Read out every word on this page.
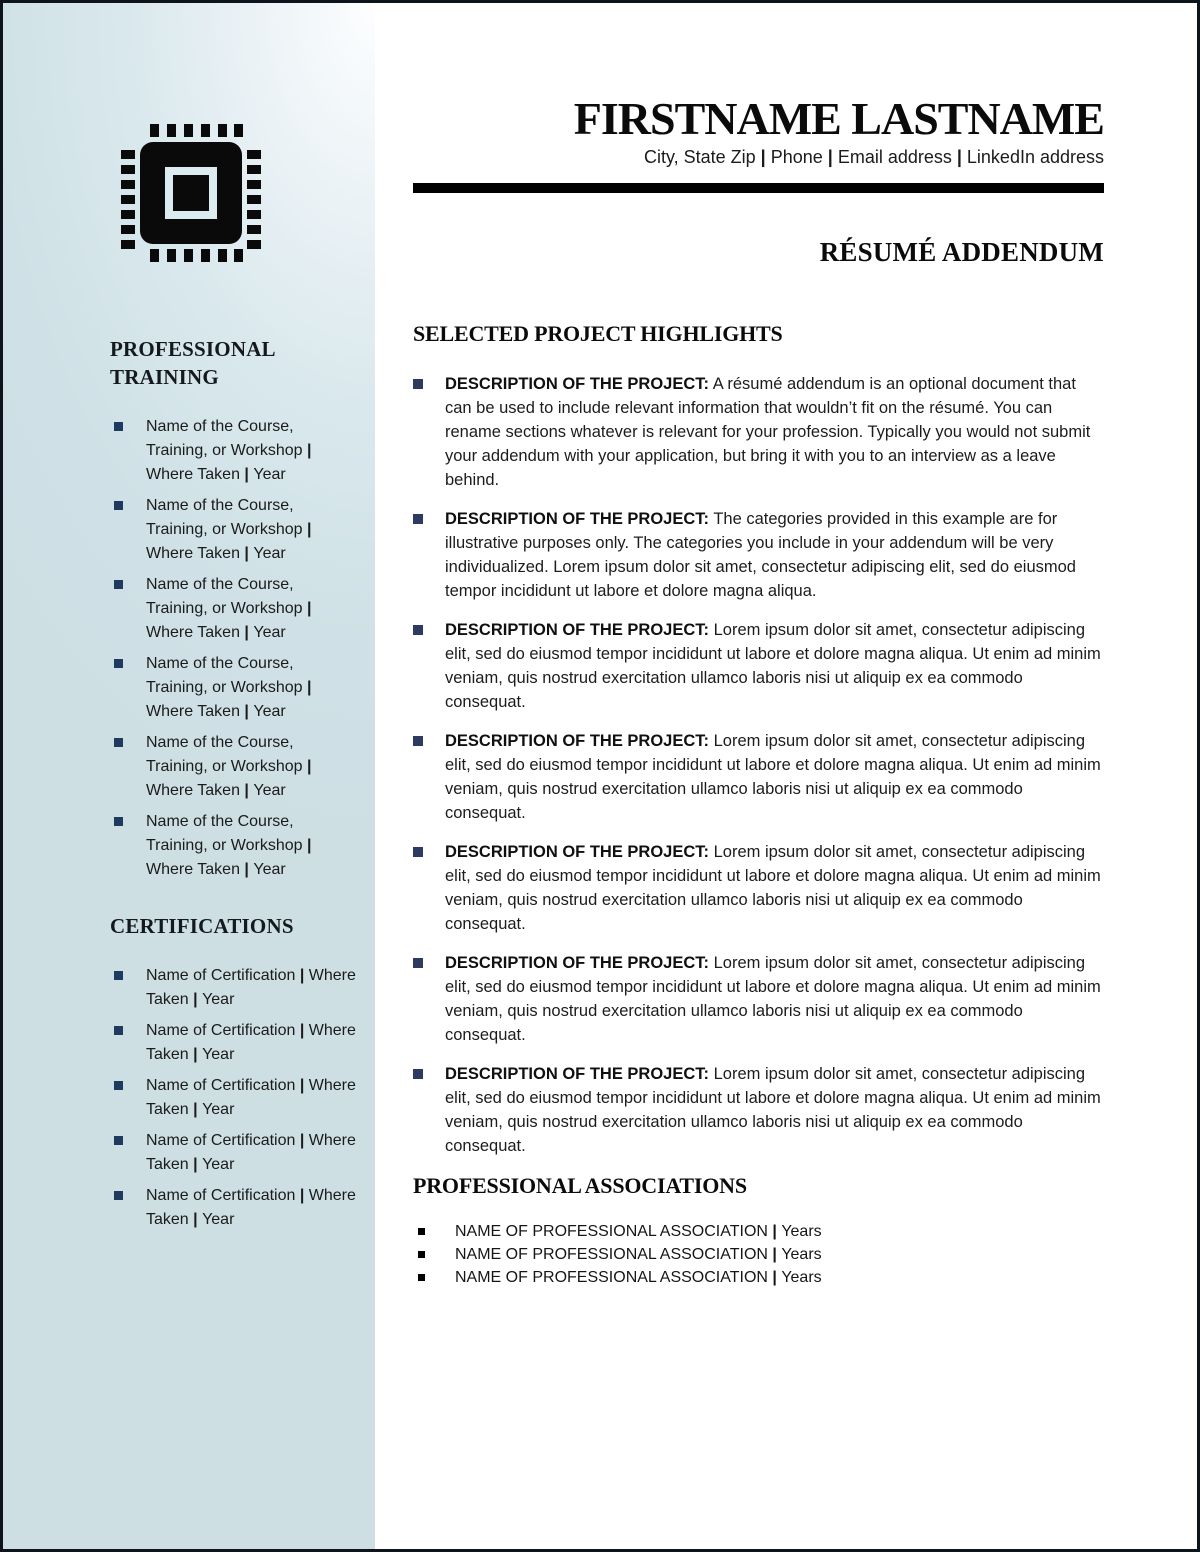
PROFESSIONAL TRAINING
Name of the Course, Training, or Workshop | Where Taken | Year
Name of the Course, Training, or Workshop | Where Taken | Year
Name of the Course, Training, or Workshop | Where Taken | Year
Name of the Course, Training, or Workshop | Where Taken | Year
Name of the Course, Training, or Workshop | Where Taken | Year
Name of the Course, Training, or Workshop | Where Taken | Year
CERTIFICATIONS
Name of Certification | Where Taken | Year
Name of Certification | Where Taken | Year
Name of Certification | Where Taken | Year
Name of Certification | Where Taken | Year
Name of Certification | Where Taken | Year
FIRSTNAME LASTNAME
City, State Zip | Phone | Email address | LinkedIn address
RÉSUMÉ ADDENDUM
SELECTED PROJECT HIGHLIGHTS

DESCRIPTION OF THE PROJECT: A résumé addendum is an optional document that can be used to include relevant information that wouldn’t fit on the résumé. You can rename sections whatever is relevant for your profession. Typically you would not submit your addendum with your application, but bring it with you to an interview as a leave behind.

DESCRIPTION OF THE PROJECT: The categories provided in this example are for illustrative purposes only. The categories you include in your addendum will be very individualized. Lorem ipsum dolor sit amet, consectetur adipiscing elit, sed do eiusmod tempor incididunt ut labore et dolore magna aliqua.

DESCRIPTION OF THE PROJECT: Lorem ipsum dolor sit amet, consectetur adipiscing elit, sed do eiusmod tempor incididunt ut labore et dolore magna aliqua. Ut enim ad minim veniam, quis nostrud exercitation ullamco laboris nisi ut aliquip ex ea commodo consequat.

DESCRIPTION OF THE PROJECT: Lorem ipsum dolor sit amet, consectetur adipiscing elit, sed do eiusmod tempor incididunt ut labore et dolore magna aliqua. Ut enim ad minim veniam, quis nostrud exercitation ullamco laboris nisi ut aliquip ex ea commodo consequat.

DESCRIPTION OF THE PROJECT: Lorem ipsum dolor sit amet, consectetur adipiscing elit, sed do eiusmod tempor incididunt ut labore et dolore magna aliqua. Ut enim ad minim veniam, quis nostrud exercitation ullamco laboris nisi ut aliquip ex ea commodo consequat.

DESCRIPTION OF THE PROJECT: Lorem ipsum dolor sit amet, consectetur adipiscing elit, sed do eiusmod tempor incididunt ut labore et dolore magna aliqua. Ut enim ad minim veniam, quis nostrud exercitation ullamco laboris nisi ut aliquip ex ea commodo consequat.

DESCRIPTION OF THE PROJECT: Lorem ipsum dolor sit amet, consectetur adipiscing elit, sed do eiusmod tempor incididunt ut labore et dolore magna aliqua. Ut enim ad minim veniam, quis nostrud exercitation ullamco laboris nisi ut aliquip ex ea commodo consequat.

PROFESSIONAL ASSOCIATIONS
NAME OF PROFESSIONAL ASSOCIATION | Years
NAME OF PROFESSIONAL ASSOCIATION | Years
NAME OF PROFESSIONAL ASSOCIATION | Years
